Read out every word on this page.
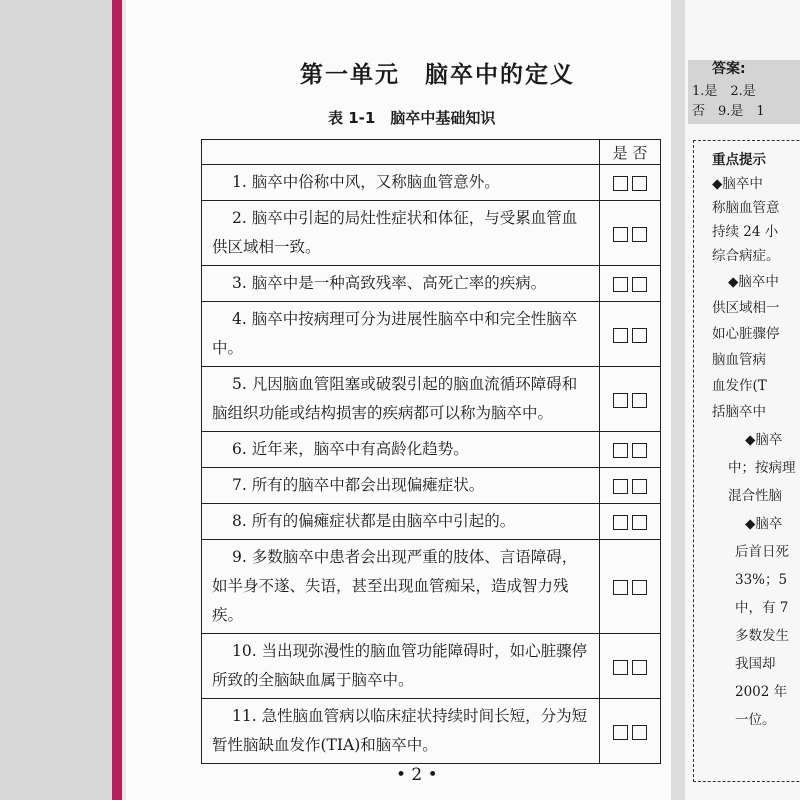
第一单元　脑卒中的定义
表 1-1　脑卒中基础知识
	是 否
1. 脑卒中俗称中风，又称脑血管意外。	
2. 脑卒中引起的局灶性症状和体征，与受累血管血供区域相一致。	
3. 脑卒中是一种高致残率、高死亡率的疾病。	
4. 脑卒中按病理可分为进展性脑卒中和完全性脑卒中。	
5. 凡因脑血管阻塞或破裂引起的脑血流循环障碍和脑组织功能或结构损害的疾病都可以称为脑卒中。	
6. 近年来，脑卒中有高龄化趋势。	
7. 所有的脑卒中都会出现偏瘫症状。	
8. 所有的偏瘫症状都是由脑卒中引起的。	
9. 多数脑卒中患者会出现严重的肢体、言语障碍，如半身不遂、失语，甚至出现血管痴呆，造成智力残疾。	
10. 当出现弥漫性的脑血管功能障碍时，如心脏骤停所致的全脑缺血属于脑卒中。	
11. 急性脑血管病以临床症状持续时间长短，分为短暂性脑缺血发作(TIA)和脑卒中。	
• 2 •
答案:
1.是　2.是
否　9.是　1
重点提示
◆脑卒中
称脑血管意
持续 24 小
综合病症。
◆脑卒中
供区域相一
如心脏骤停
脑血管病
血发作(T
括脑卒中
◆脑卒
中；按病理
混合性脑
◆脑卒
后首日死
33%；5
中，有 7
多数发生
我国却
2002 年
一位。
